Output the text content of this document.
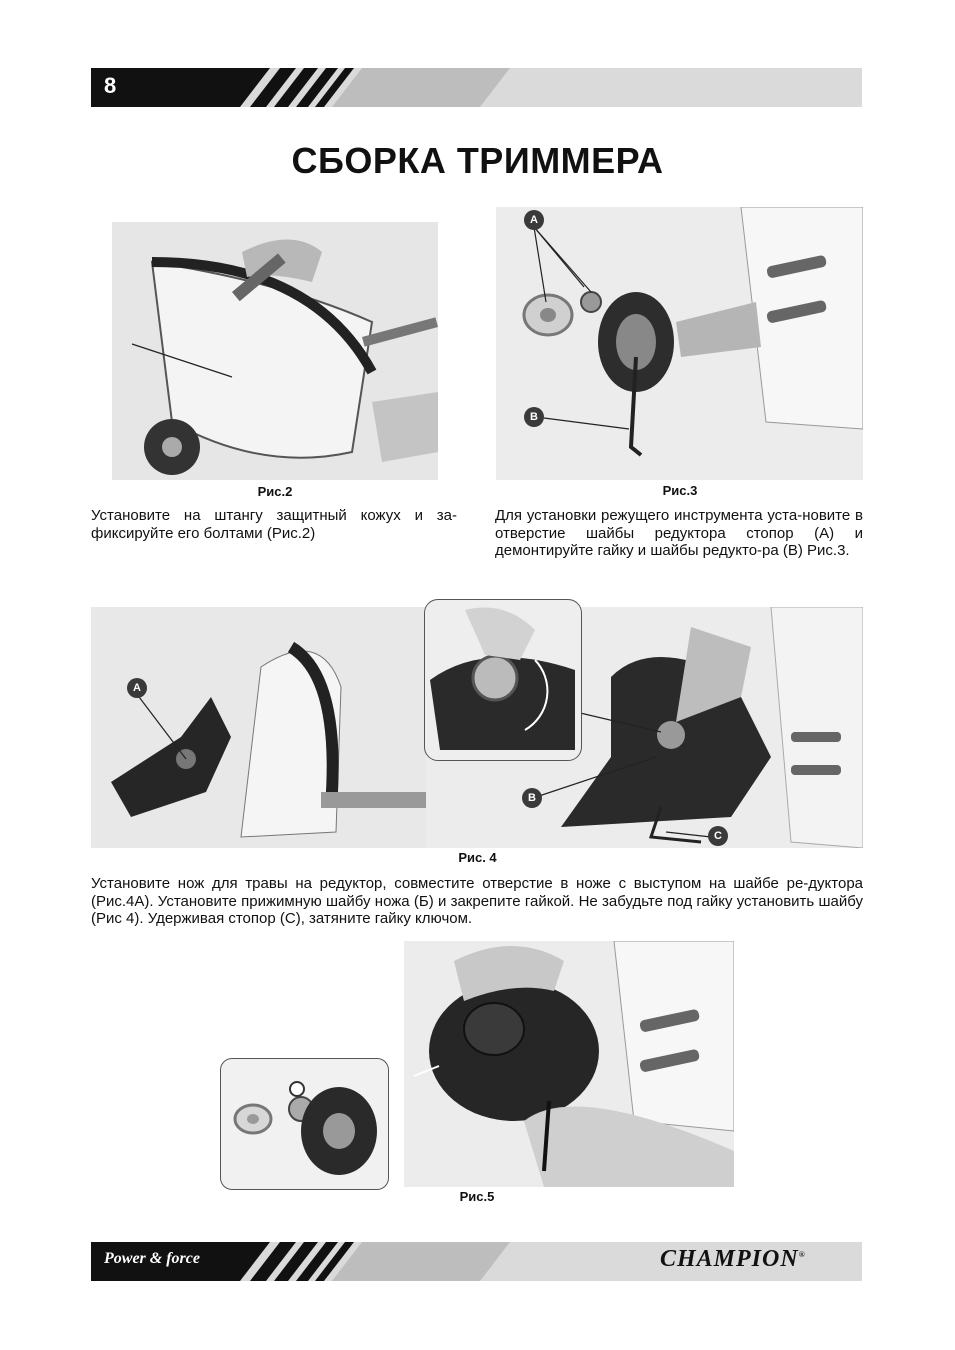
8
СБОРКА ТРИММЕРА
Рис.2

Установите на штангу защитный кожух и за-фиксируйте его болтами (Рис.2)

A
B
Рис.3

Для установки режущего инструмента уста-новите в отверстие шайбы редуктора стопор (А) и демонтируйте гайку и шайбы редукто-ра (В) Рис.3.

A
B
C
Рис. 4

Установите нож для травы на редуктор, совместите отверстие в ноже с выступом на шайбе ре-дуктора (Рис.4А). Установите прижимную шайбу ножа (Б) и закрепите гайкой. Не забудьте под гайку установить шайбу (Рис 4). Удерживая стопор (С), затяните гайку ключом.

Рис.5
Power & force	CHAMPION®
